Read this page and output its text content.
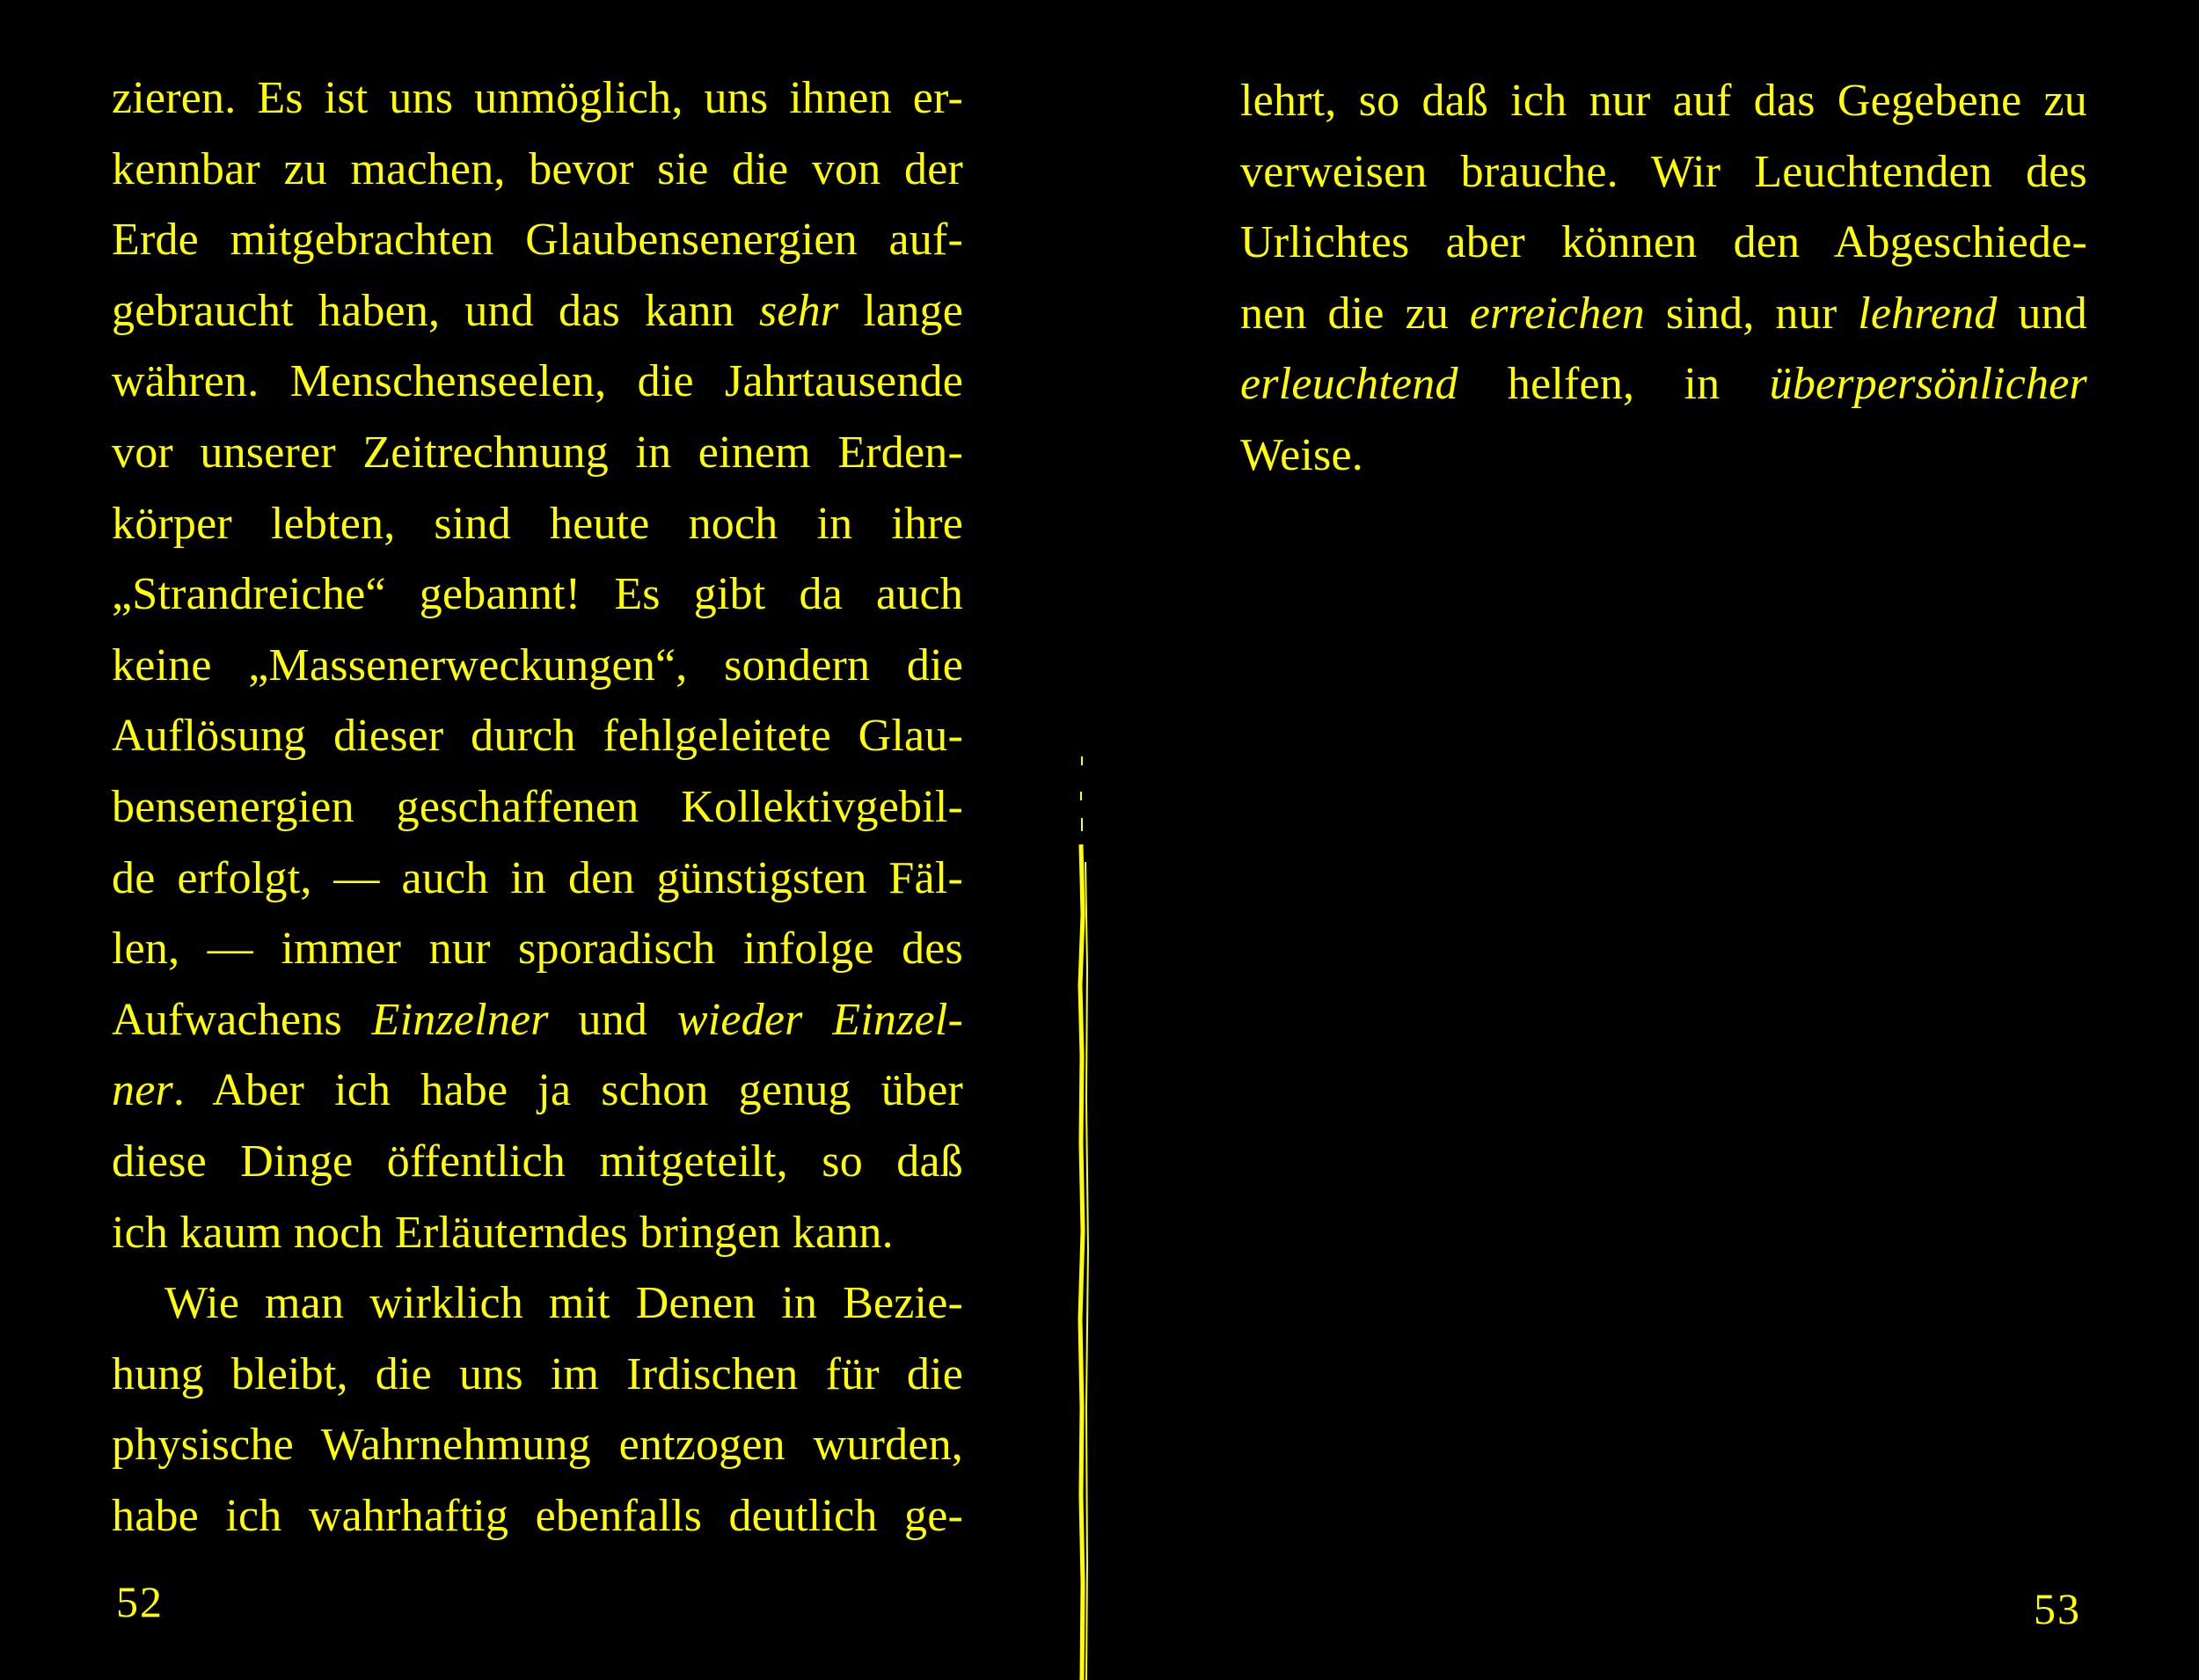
zieren. Es ist uns unmöglich, uns ihnen er-
kennbar zu machen, bevor sie die von der
Erde mitgebrachten Glaubensenergien auf-
gebraucht haben, und das kann sehr lange
währen. Menschenseelen, die Jahrtausende
vor unserer Zeitrechnung in einem Erden-
körper lebten, sind heute noch in ihre
„Strandreiche“ gebannt! Es gibt da auch
keine „Massenerweckungen“, sondern die
Auflösung dieser durch fehlgeleitete Glau-
bensenergien geschaffenen Kollektivgebil-
de erfolgt, — auch in den günstigsten Fäl-
len, — immer nur sporadisch infolge des
Aufwachens Einzelner und wieder Einzel-
ner. Aber ich habe ja schon genug über
diese Dinge öffentlich mitgeteilt, so daß
ich kaum noch Erläuterndes bringen kann.
Wie man wirklich mit Denen in Bezie-
hung bleibt, die uns im Irdischen für die
physische Wahrnehmung entzogen wurden,
habe ich wahrhaftig ebenfalls deutlich ge-
52
lehrt, so daß ich nur auf das Gegebene zu
verweisen brauche. Wir Leuchtenden des
Urlichtes aber können den Abgeschiede-
nen die zu erreichen sind, nur lehrend und
erleuchtend helfen, in überpersönlicher
Weise.
53
